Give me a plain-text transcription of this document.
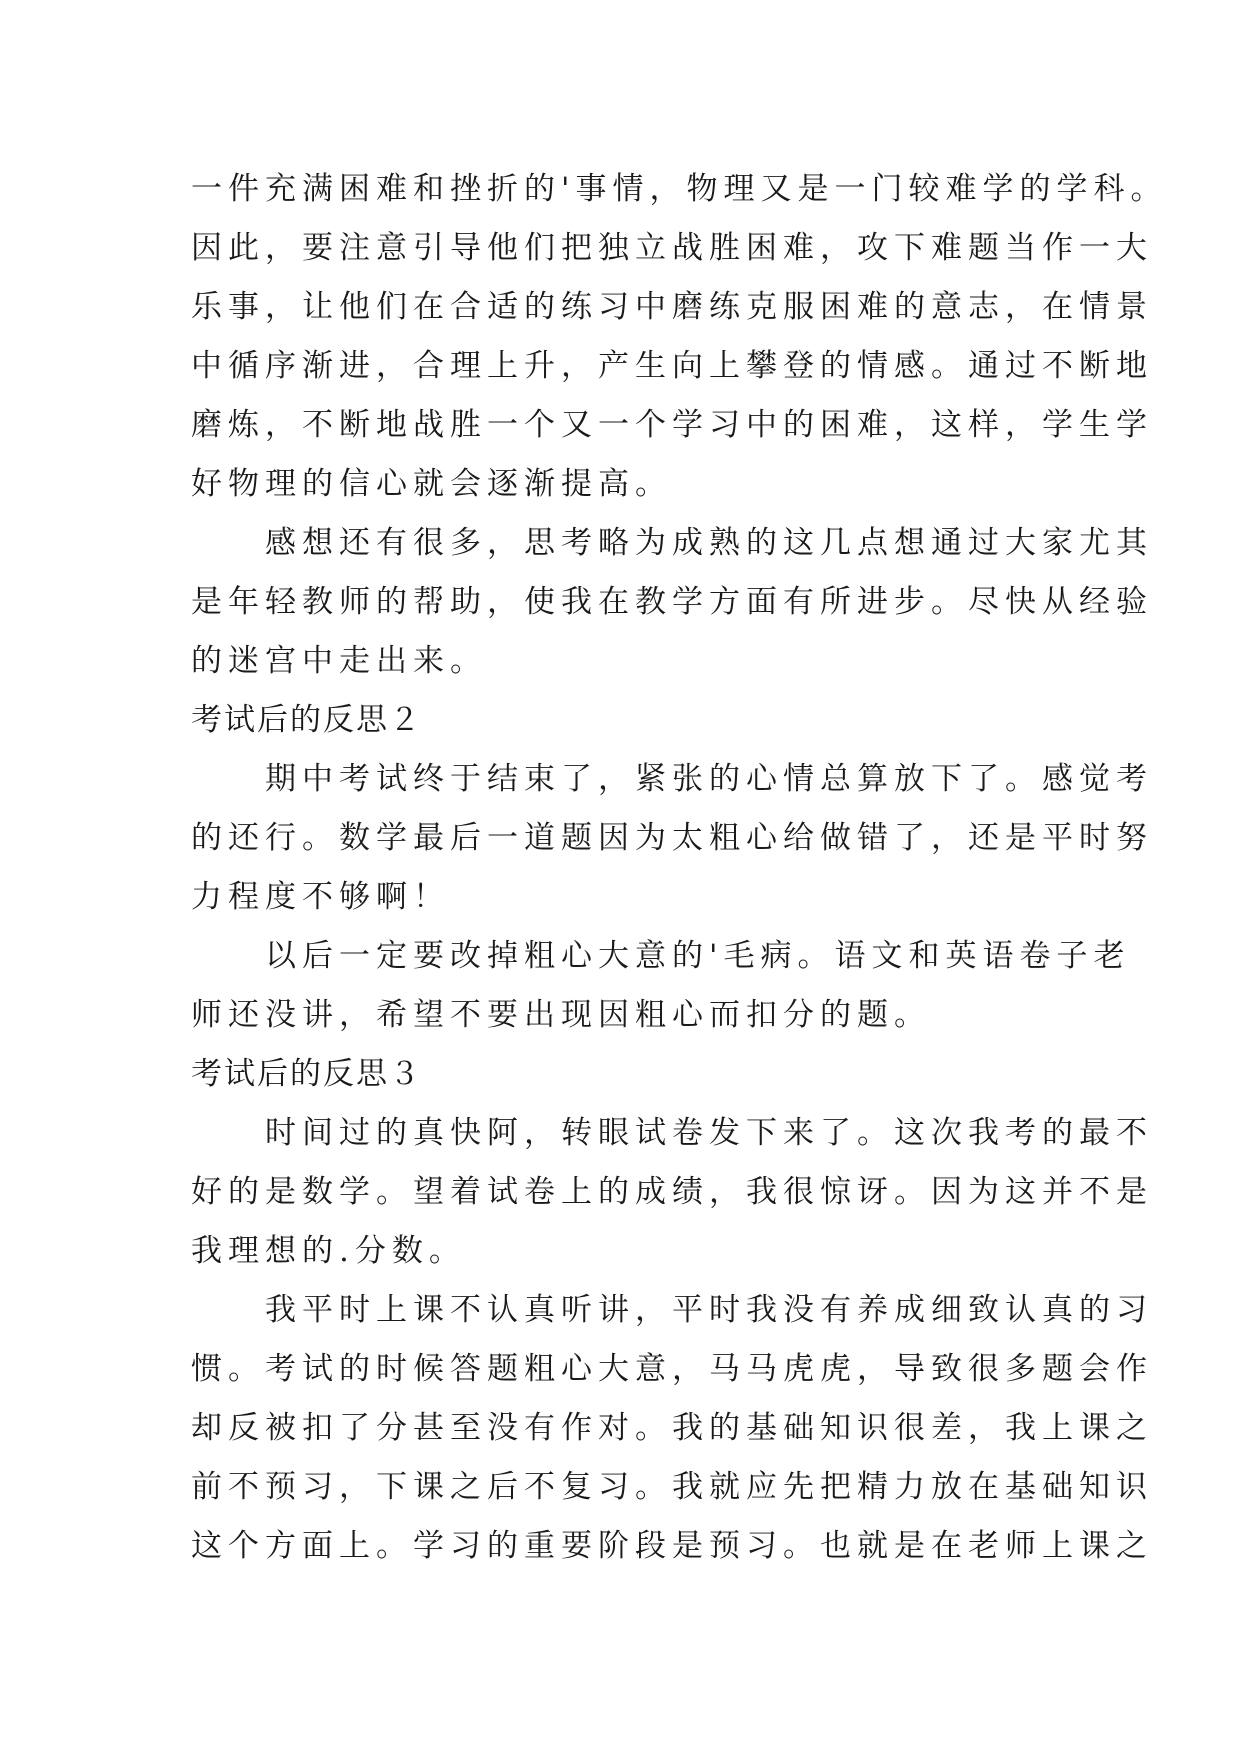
一件充满困难和挫折的'事情，物理又是一门较难学的学科。
因此，要注意引导他们把独立战胜困难，攻下难题当作一大
乐事，让他们在合适的练习中磨练克服困难的意志，在情景
中循序渐进，合理上升，产生向上攀登的情感。通过不断地
磨炼，不断地战胜一个又一个学习中的困难，这样，学生学
好物理的信心就会逐渐提高。
感想还有很多，思考略为成熟的这几点想通过大家尤其
是年轻教师的帮助，使我在教学方面有所进步。尽快从经验
的迷宫中走出来。
考试后的反思２
期中考试终于结束了，紧张的心情总算放下了。感觉考
的还行。数学最后一道题因为太粗心给做错了，还是平时努
力程度不够啊！
以后一定要改掉粗心大意的'毛病。语文和英语卷子老
师还没讲，希望不要出现因粗心而扣分的题。
考试后的反思３
时间过的真快阿，转眼试卷发下来了。这次我考的最不
好的是数学。望着试卷上的成绩，我很惊讶。因为这并不是
我理想的.分数。
我平时上课不认真听讲，平时我没有养成细致认真的习
惯。考试的时候答题粗心大意，马马虎虎，导致很多题会作
却反被扣了分甚至没有作对。我的基础知识很差，我上课之
前不预习，下课之后不复习。我就应先把精力放在基础知识
这个方面上。学习的重要阶段是预习。也就是在老师上课之
